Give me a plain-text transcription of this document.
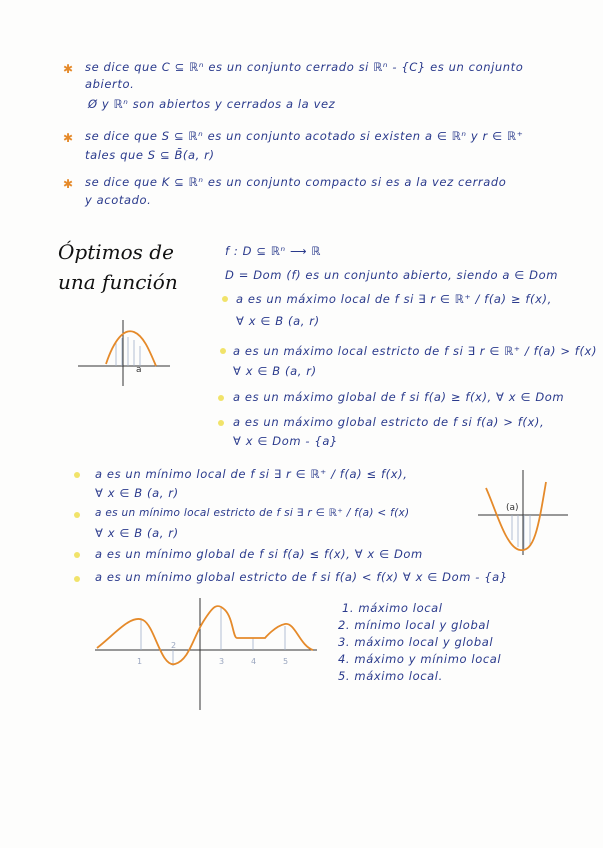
✱ se dice que C ⊆ ℝⁿ es un conjunto cerrado si ℝⁿ - {C} es un conjunto
abierto.
Ø y ℝⁿ son abiertos y cerrados a la vez
✱ se dice que S ⊆ ℝⁿ es un conjunto acotado si existen a ∈ ℝⁿ y r ∈ ℝ⁺
tales que S ⊆ B̄(a, r)
✱ se dice que K ⊆ ℝⁿ es un conjunto compacto si es a la vez cerrado
y acotado.
Óptimos de
una función
f : D ⊆ ℝⁿ ⟶ ℝ
D = Dom (f) es un conjunto abierto, siendo a ∈ Dom
a es un máximo local de f si ∃ r ∈ ℝ⁺ / f(a) ≥ f(x),
∀ x ∈ B (a, r)
a es un máximo local estricto de f si ∃ r ∈ ℝ⁺ / f(a) > f(x)
∀ x ∈ B (a, r)
a es un máximo global de f si f(a) ≥ f(x), ∀ x ∈ Dom
a es un máximo global estricto de f si f(a) > f(x),
∀ x ∈ Dom - {a}
a es un mínimo local de f si ∃ r ∈ ℝ⁺ / f(a) ≤ f(x),
∀ x ∈ B (a, r)
a es un mínimo local estricto de f si ∃ r ∈ ℝ⁺ / f(a) < f(x)
∀ x ∈ B (a, r)
a es un mínimo global de f si f(a) ≤ f(x), ∀ x ∈ Dom
a es un mínimo global estricto de f si f(a) < f(x) ∀ x ∈ Dom - {a}
a
(a)
1
2
3	4	5
1. máximo local
2. mínimo local y global
3. máximo local y global
4. máximo y mínimo local
5. máximo local.
